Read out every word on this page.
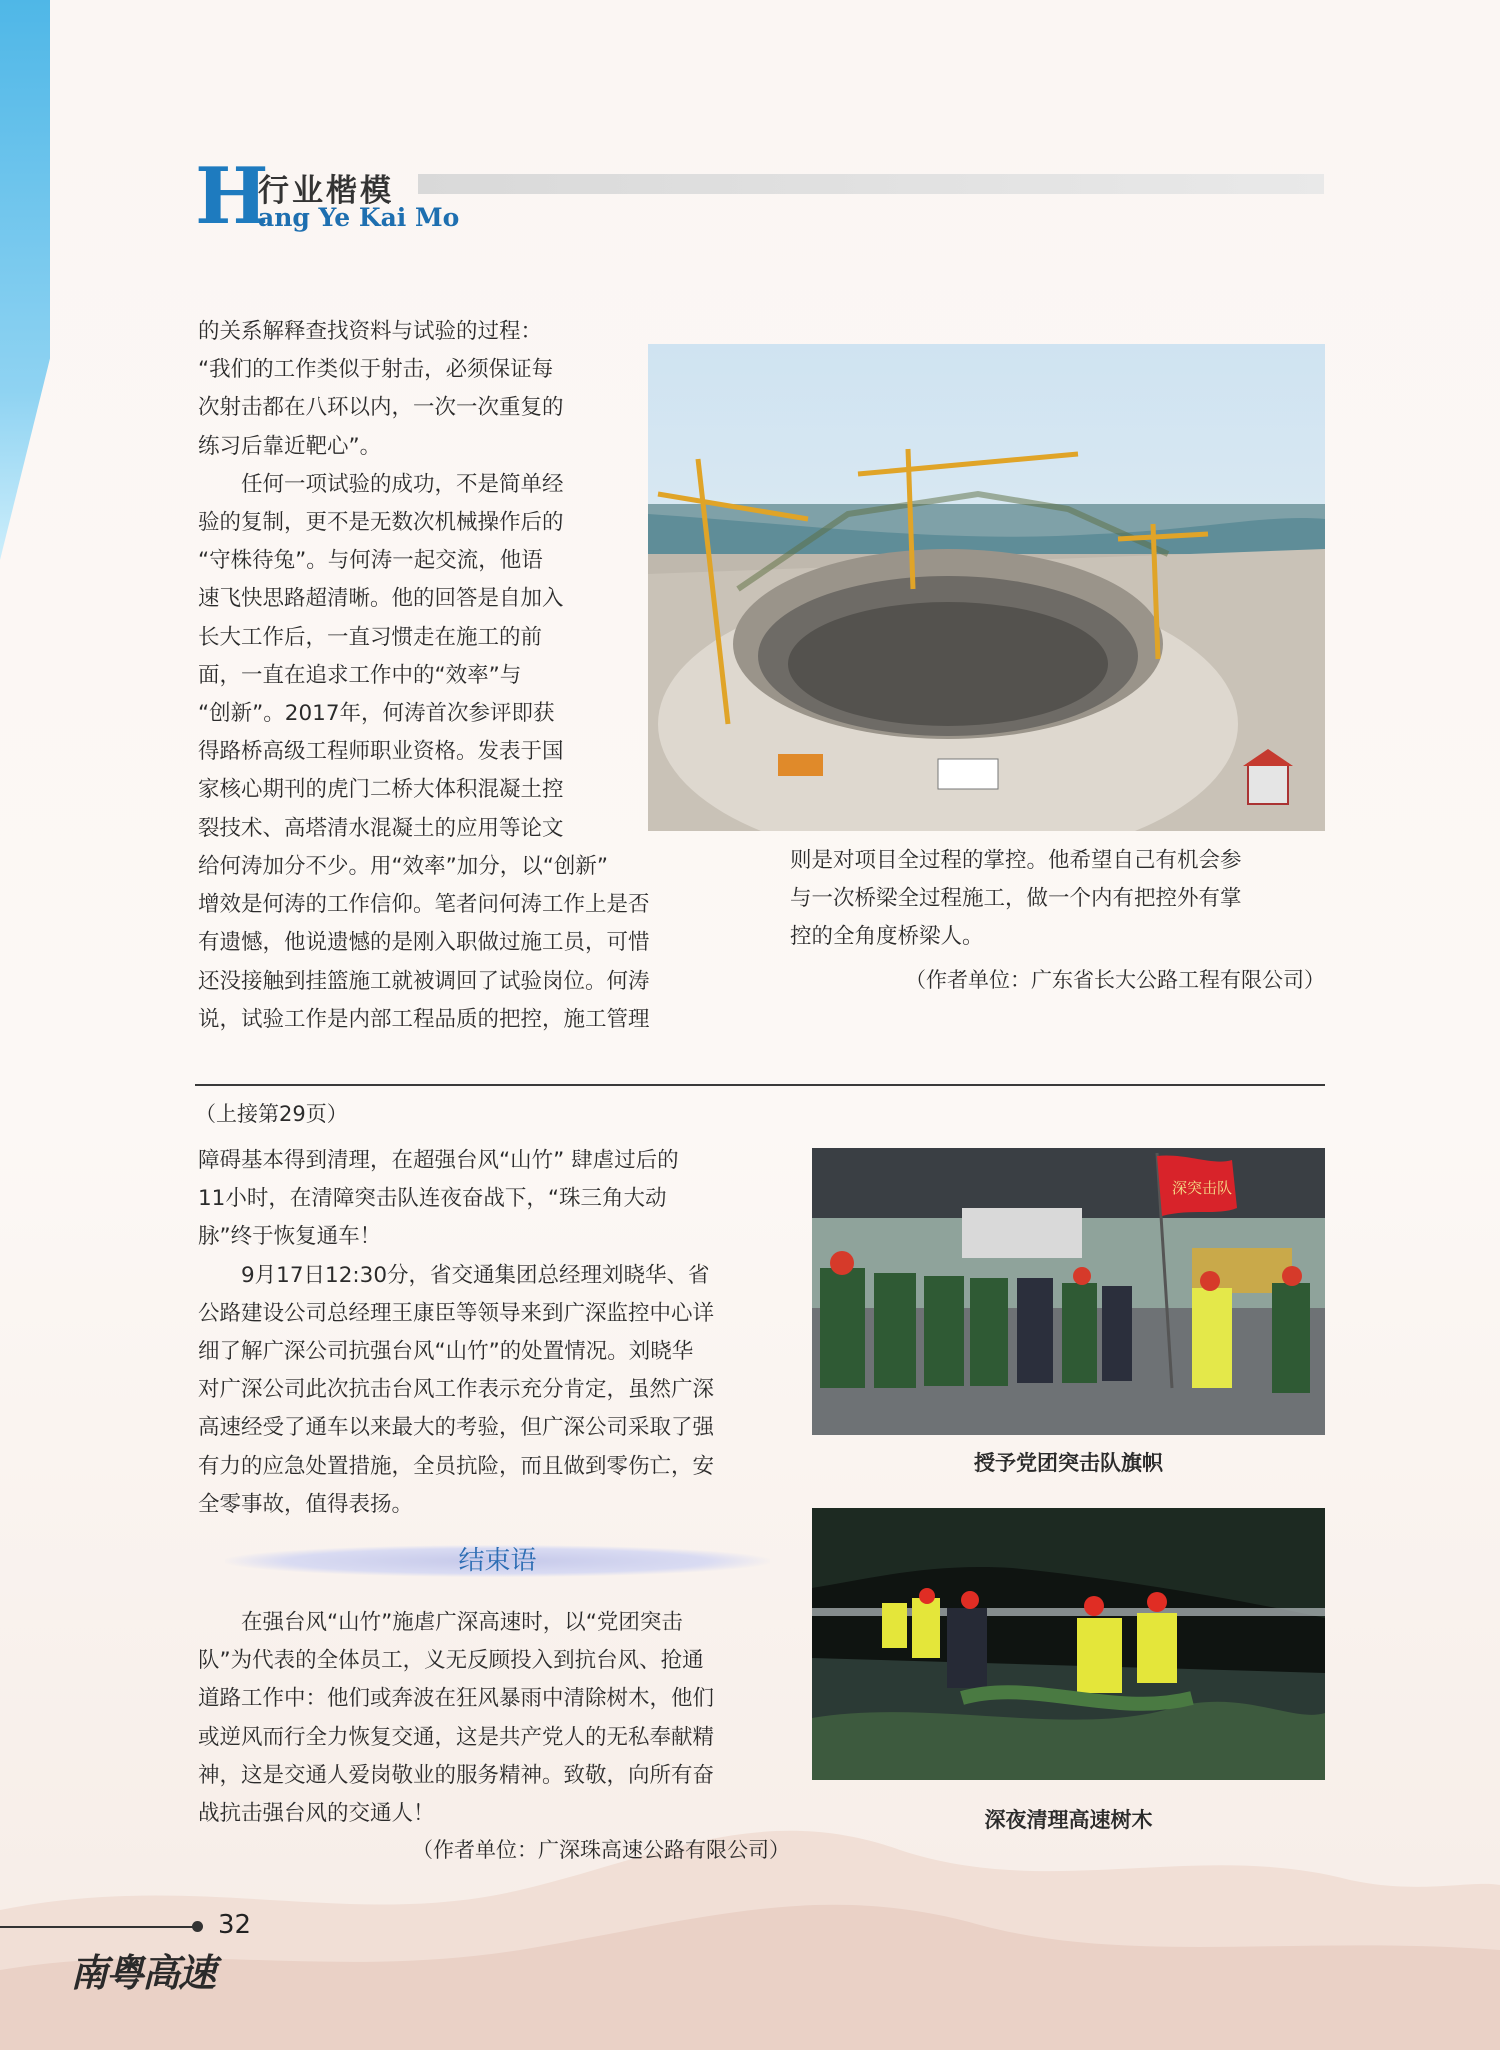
H
行业楷模
ang Ye Kai Mo

的关系解释查找资料与试验的过程：

“我们的工作类似于射击，必须保证每

次射击都在八环以内，一次一次重复的

练习后靠近靶心”。

任何一项试验的成功，不是简单经

验的复制，更不是无数次机械操作后的

“守株待兔”。与何涛一起交流，他语

速飞快思路超清晰。他的回答是自加入

长大工作后，一直习惯走在施工的前

面，一直在追求工作中的“效率”与

“创新”。2017年，何涛首次参评即获

得路桥高级工程师职业资格。发表于国

家核心期刊的虎门二桥大体积混凝土控

裂技术、高塔清水混凝土的应用等论文

给何涛加分不少。用“效率”加分，以“创新”

增效是何涛的工作信仰。笔者问何涛工作上是否

有遗憾，他说遗憾的是刚入职做过施工员，可惜

还没接触到挂篮施工就被调回了试验岗位。何涛

说，试验工作是内部工程品质的把控，施工管理

则是对项目全过程的掌控。他希望自己有机会参

与一次桥梁全过程施工，做一个内有把控外有掌

控的全角度桥梁人。

（作者单位：广东省长大公路工程有限公司）

（上接第29页）

障碍基本得到清理，在超强台风“山竹” 肆虐过后的

11小时，在清障突击队连夜奋战下，“珠三角大动

脉”终于恢复通车！

9月17日12:30分，省交通集团总经理刘晓华、省

公路建设公司总经理王康臣等领导来到广深监控中心详

细了解广深公司抗强台风“山竹”的处置情况。刘晓华

对广深公司此次抗击台风工作表示充分肯定，虽然广深

高速经受了通车以来最大的考验，但广深公司采取了强

有力的应急处置措施，全员抗险，而且做到零伤亡，安

全零事故，值得表扬。

结束语

在强台风“山竹”施虐广深高速时，以“党团突击

队”为代表的全体员工，义无反顾投入到抗台风、抢通

道路工作中：他们或奔波在狂风暴雨中清除树木，他们

或逆风而行全力恢复交通，这是共产党人的无私奉献精

神，这是交通人爱岗敬业的服务精神。致敬，向所有奋

战抗击强台风的交通人！

（作者单位：广深珠高速公路有限公司）

深突击队
授予党团突击队旗帜
深夜清理高速树木
32
南粤高速
